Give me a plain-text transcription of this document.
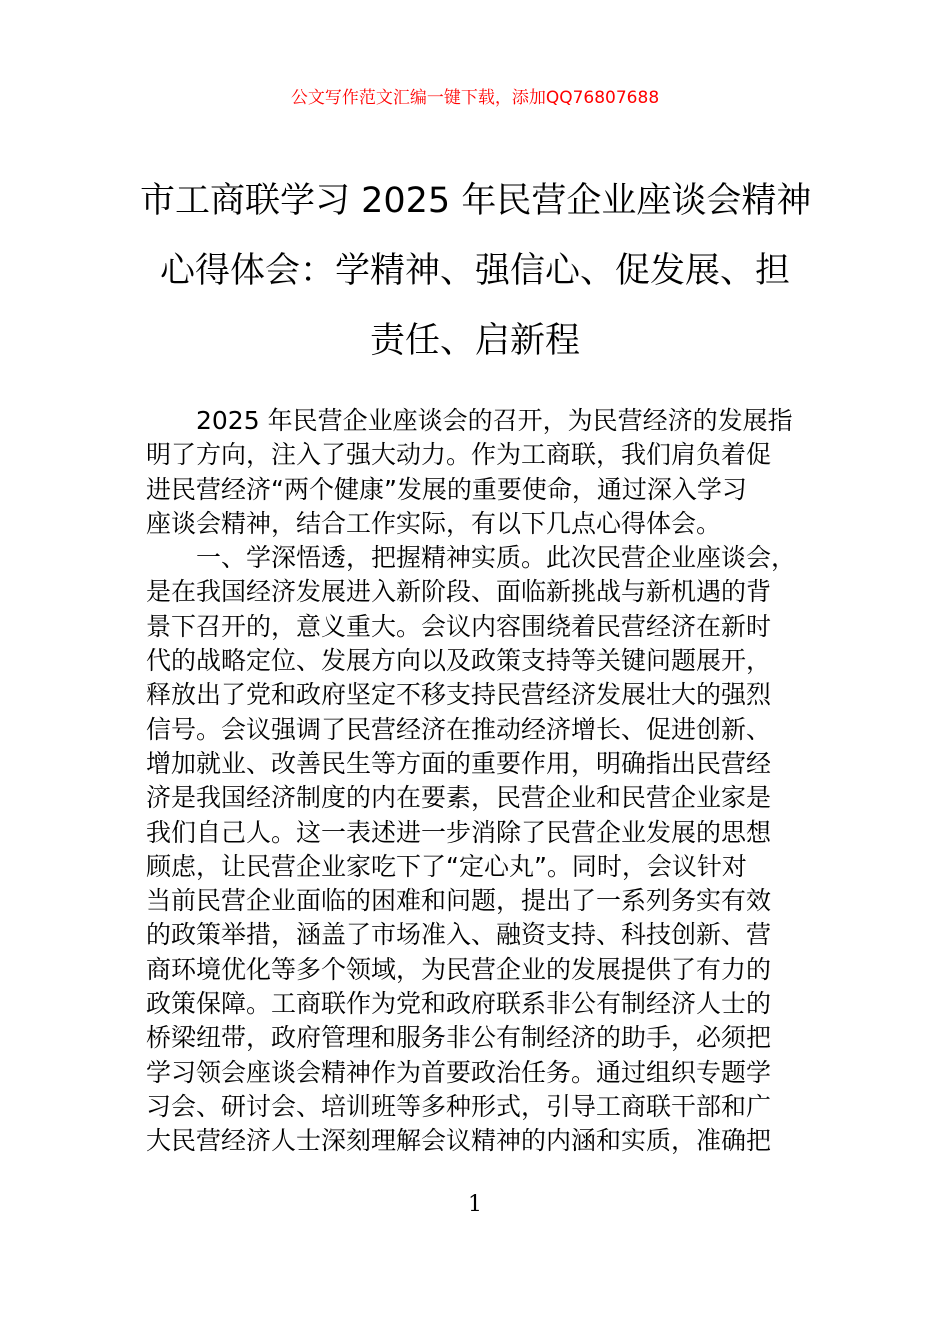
公文写作范文汇编一键下载，添加QQ76807688
市工商联学习 2025 年民营企业座谈会精神
心得体会：学精神、强信心、促发展、担
责任、启新程

2025 年民营企业座谈会的召开，为民营经济的发展指
明了方向，注入了强大动力。作为工商联，我们肩负着促
进民营经济“两个健康”发展的重要使命，通过深入学习
座谈会精神，结合工作实际，有以下几点心得体会。

一、学深悟透，把握精神实质。此次民营企业座谈会，
是在我国经济发展进入新阶段、面临新挑战与新机遇的背
景下召开的，意义重大。会议内容围绕着民营经济在新时
代的战略定位、发展方向以及政策支持等关键问题展开，
释放出了党和政府坚定不移支持民营经济发展壮大的强烈
信号。会议强调了民营经济在推动经济增长、促进创新、
增加就业、改善民生等方面的重要作用，明确指出民营经
济是我国经济制度的内在要素，民营企业和民营企业家是
我们自己人。这一表述进一步消除了民营企业发展的思想
顾虑，让民营企业家吃下了“定心丸”。同时，会议针对
当前民营企业面临的困难和问题，提出了一系列务实有效
的政策举措，涵盖了市场准入、融资支持、科技创新、营
商环境优化等多个领域，为民营企业的发展提供了有力的
政策保障。工商联作为党和政府联系非公有制经济人士的
桥梁纽带，政府管理和服务非公有制经济的助手，必须把
学习领会座谈会精神作为首要政治任务。通过组织专题学
习会、研讨会、培训班等多种形式，引导工商联干部和广
大民营经济人士深刻理解会议精神的内涵和实质，准确把

1
